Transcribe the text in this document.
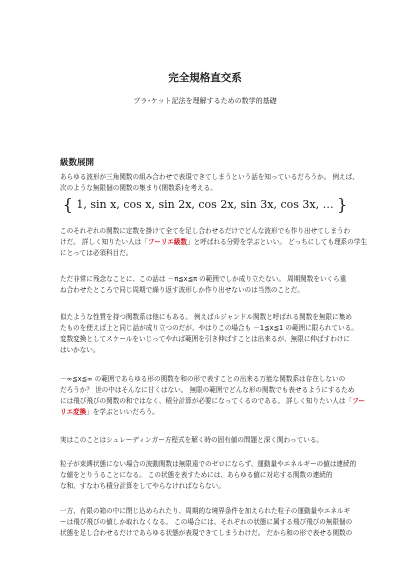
完全規格直交系
ブラ･ケット記法を理解するための数学的基礎
級数展開

あらゆる波形が三角関数の組み合わせで表現できてしまうという話を知っているだろうか。 例えば、
次のような無限個の関数の集まり(関数系)を考える。

{ 1, sin x, cos x, sin 2x, cos 2x, sin 3x, cos 3x, … }

このそれぞれの関数に定数を掛けて全てを足し合わせるだけでどんな波形でも作り出せてしまうわ
けだ。 詳しく知りたい人は「フーリエ級数」と呼ばれる分野を学ぶといい。 どっちにしても理系の学生
にとっては必須科目だ。

ただ非常に残念なことに、この話は －π≦x≦π の範囲でしか成り立たない。 周期関数をいくら重
ね合わせたところで同じ周期で繰り返す波形しか作り出せないのは当然のことだ。

似たような性質を持つ関数系は他にもある。 例えばルジャンドル関数と呼ばれる関数を無限に集め
たものを使えば上と同じ話が成り立つのだが、やはりこの場合も －1≦x≦1 の範囲に限られている。
変数変換としてスケールをいじってやれば範囲を引き伸ばすことは出来るが、無限に伸ばすわけに
はいかない。

－∞≦x≦∞ の範囲であらゆる形の関数を和の形で表すことの出来る万能な関数系は存在しないの
だろうか？ 世の中はそんなに甘くはない。 無限の範囲でどんな形の関数でも表せるようにするため
には飛び飛びの関数の和ではなく、積分計算が必要になってくるのである。 詳しく知りたい人は「フー
リエ変換」を学ぶといいだろう。

実はこのことはシュレーディンガー方程式を解く時の固有値の問題と深く関わっている。

粒子が束縛状態にない場合の波動関数は無限遠でのゼロにならず、運動量やエネルギーの値は連続的
な値をとりうることになる。 この状態を表すためには、あらゆる値に対応する関数の連続的
な和、すなわち積分計算をしてやらなければならない。

一方、有限の箱の中に閉じ込められたり、周期的な境界条件を加えられた粒子の運動量やエネルギ
ーは飛び飛びの値しか取れなくなる。 この場合には、それぞれの状態に属する飛び飛びの無限個の
状態を足し合わせるだけであらゆる状態が表現できてしまうわけだ。 だから和の形で表せる関数の
